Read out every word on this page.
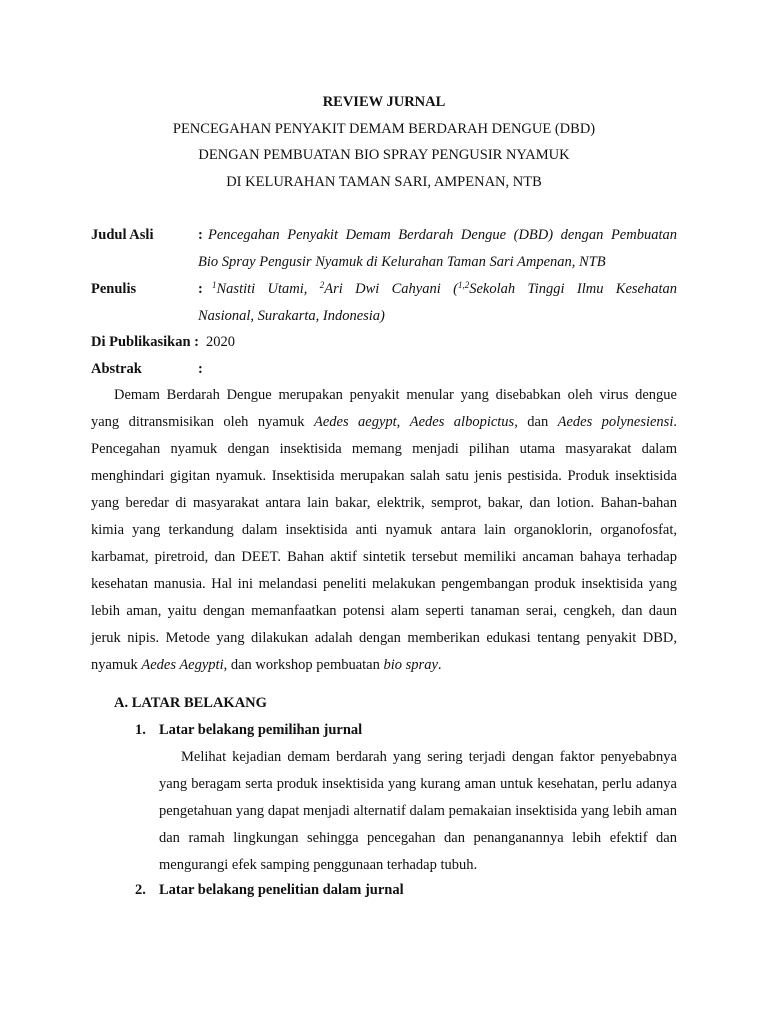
REVIEW JURNAL
PENCEGAHAN PENYAKIT DEMAM BERDARAH DENGUE (DBD)
DENGAN PEMBUATAN BIO SPRAY PENGUSIR NYAMUK
DI KELURAHAN TAMAN SARI, AMPENAN, NTB
Judul Asli	: Pencegahan Penyakit Demam Berdarah Dengue (DBD) dengan Pembuatan
Bio Spray Pengusir Nyamuk di Kelurahan Taman Sari Ampenan, NTB
Penulis	: $^1$Nastiti Utami, $^2$Ari Dwi Cahyani ($^{1,2}$Sekolah Tinggi Ilmu Kesehatan
Nasional, Surakarta, Indonesia)
Di Publikasikan : 2020
Abstrak	:

Demam Berdarah Dengue merupakan penyakit menular yang disebabkan oleh virus dengue yang ditransmisikan oleh nyamuk Aedes aegypt, Aedes albopictus, dan Aedes polynesiensi. Pencegahan nyamuk dengan insektisida memang menjadi pilihan utama masyarakat dalam menghindari gigitan nyamuk. Insektisida merupakan salah satu jenis pestisida. Produk insektisida yang beredar di masyarakat antara lain bakar, elektrik, semprot, bakar, dan lotion. Bahan-bahan kimia yang terkandung dalam insektisida anti nyamuk antara lain organoklorin, organofosfat, karbamat, piretroid, dan DEET. Bahan aktif sintetik tersebut memiliki ancaman bahaya terhadap kesehatan manusia. Hal ini melandasi peneliti melakukan pengembangan produk insektisida yang lebih aman, yaitu dengan memanfaatkan potensi alam seperti tanaman serai, cengkeh, dan daun jeruk nipis. Metode yang dilakukan adalah dengan memberikan edukasi tentang penyakit DBD, nyamuk Aedes Aegypti, dan workshop pembuatan bio spray.

A. LATAR BELAKANG
1. Latar belakang pemilihan jurnal

Melihat kejadian demam berdarah yang sering terjadi dengan faktor penyebabnya yang beragam serta produk insektisida yang kurang aman untuk kesehatan, perlu adanya pengetahuan yang dapat menjadi alternatif dalam pemakaian insektisida yang lebih aman dan ramah lingkungan sehingga pencegahan dan penanganannya lebih efektif dan mengurangi efek samping penggunaan terhadap tubuh.

2. Latar belakang penelitian dalam jurnal
